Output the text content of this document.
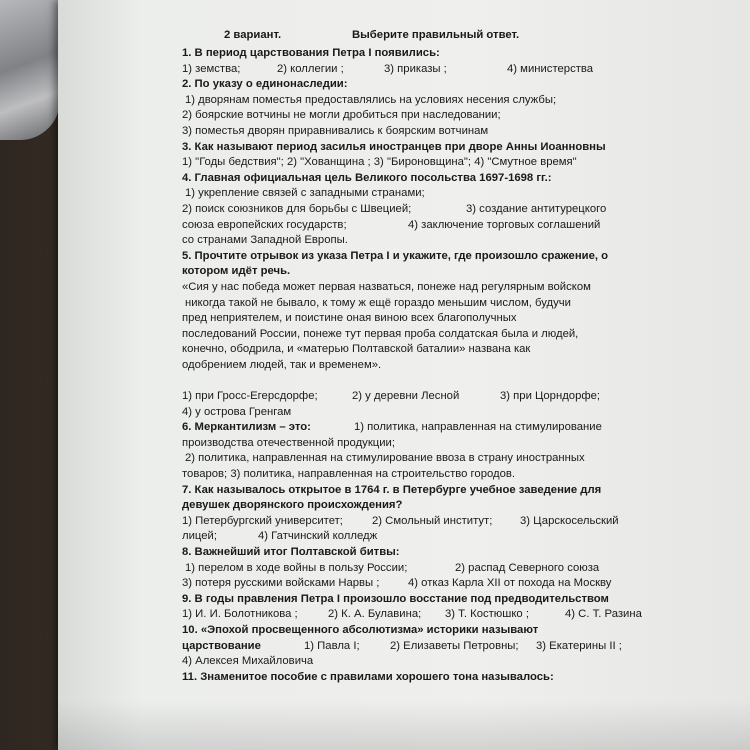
2 вариант.	Выберите правильный ответ.
1. В период царствования Петра I появились:
1) земства;	2) коллегии ;	3) приказы ;	4) министерства
2. По указу о единонаследии:
1) дворянам поместья предоставлялись на условиях несения службы;
2) боярские вотчины не могли дробиться при наследовании;
3) поместья дворян приравнивались к боярским вотчинам
3. Как называют период засилья иностранцев при дворе Анны Иоанновны
1) "Годы бедствия"; 2) "Хованщина ; 3) "Бироновщина"; 4) "Смутное время"
4. Главная официальная цель Великого посольства 1697-1698 гг.:
1) укрепление связей с западными странами;
2) поиск союзников для борьбы с Швецией;	3) создание антитурецкого
союза европейских государств;	4) заключение торговых соглашений
со странами Западной Европы.
5. Прочтите отрывок из указа Петра I и укажите, где произошло сражение, о
котором идёт речь.
«Сия у нас победа может первая назваться, понеже над регулярным войском
никогда такой не бывало, к тому ж ещё гораздо меньшим числом, будучи
пред неприятелем, и поистине оная виною всех благополучных
последований России, понеже тут первая проба солдатская была и людей,
конечно, ободрила, и «матерью Полтавской баталии» названа как
одобрением людей, так и временем».
1) при Гросс-Егерсдорфе;	2) у деревни Лесной	3) при Цорндорфе;
4) у острова Гренгам
6. Меркантилизм – это:	1) политика, направленная на стимулирование
производства отечественной продукции;
2) политика, направленная на стимулирование ввоза в страну иностранных
товаров; 3) политика, направленная на строительство городов.
7. Как называлось открытое в 1764 г. в Петербурге учебное заведение для
девушек дворянского происхождения?
1) Петербургский университет;	2) Смольный институт; 3) Царскосельский
лицей;	4) Гатчинский колледж
8. Важнейший итог Полтавской битвы:
1) перелом в ходе войны в пользу России;	2) распад Северного союза
3) потеря русскими войсками Нарвы ;	4) отказ Карла XII от похода на Москву
9. В годы правления Петра I произошло восстание под предводительством
1) И. И. Болотникова ;	2) К. А. Булавина; 3) Т. Костюшко ;	4) С. Т. Разина
10. «Эпохой просвещенного абсолютизма» историки называют
царствование	1) Павла I;	2) Елизаветы Петровны; 3) Екатерины II ;
4) Алексея Михайловича
11. Знаменитое пособие с правилами хорошего тона называлось:
